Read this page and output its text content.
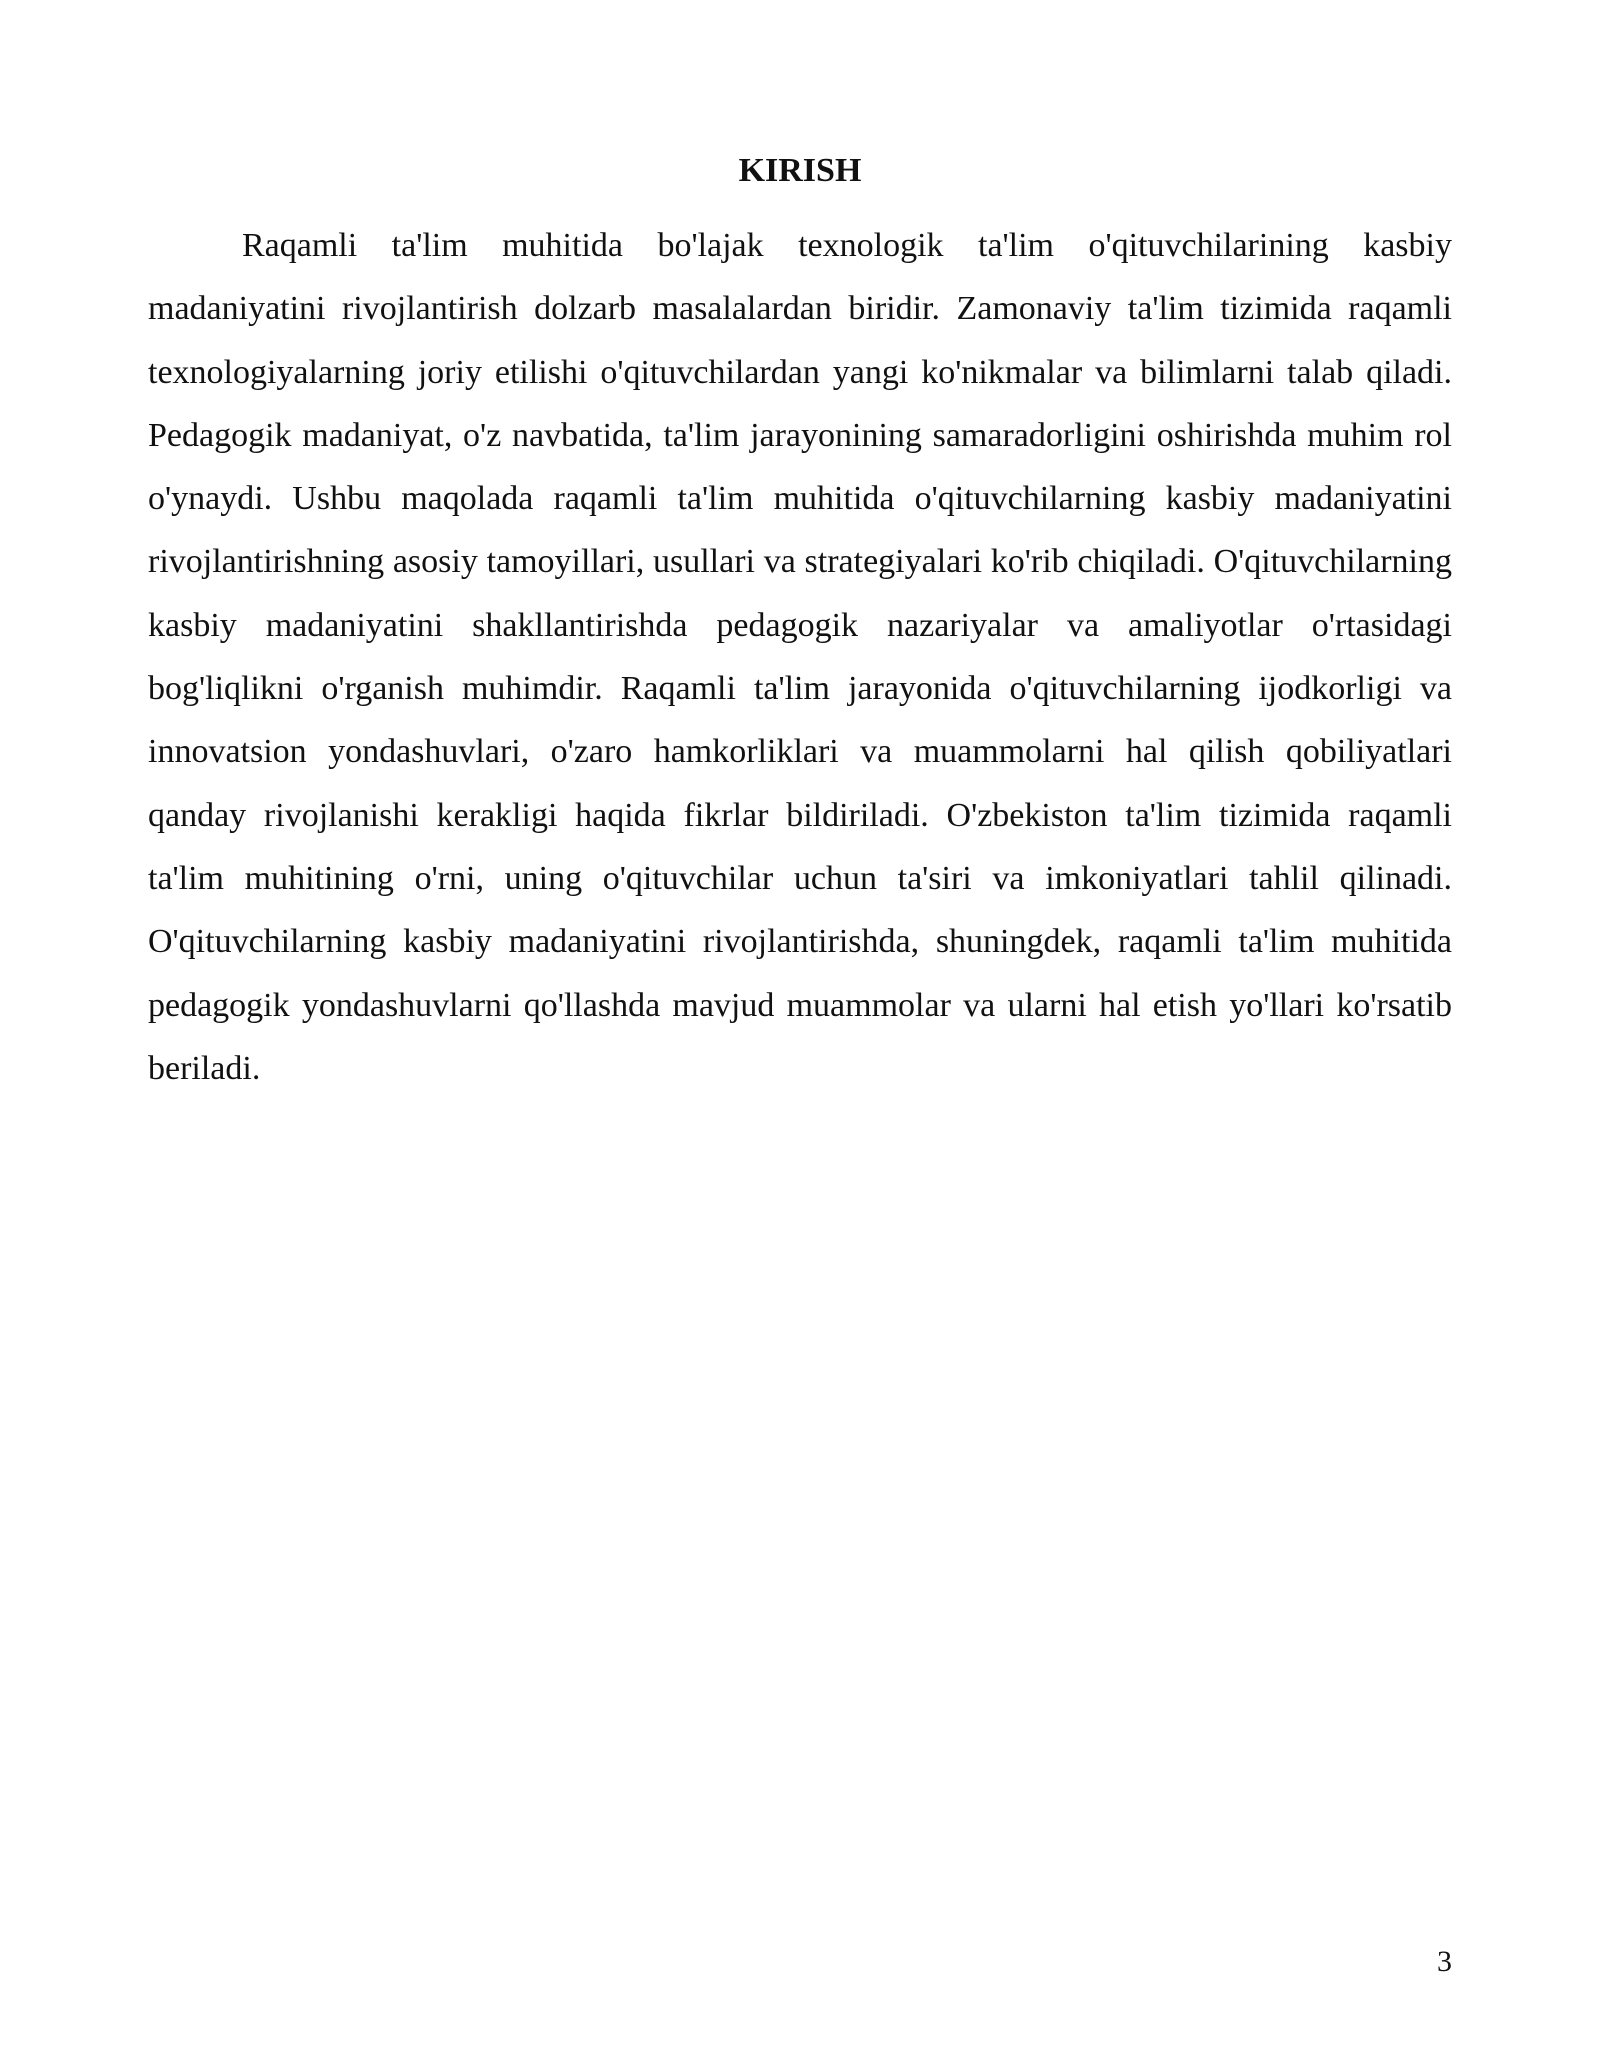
KIRISH

Raqamli ta'lim muhitida bo'lajak texnologik ta'lim o'qituvchilarining kasbiy madaniyatini rivojlantirish dolzarb masalalardan biridir. Zamonaviy ta'lim tizimida raqamli texnologiyalarning joriy etilishi o'qituvchilardan yangi ko'nikmalar va bilimlarni talab qiladi. Pedagogik madaniyat, o'z navbatida, ta'lim jarayonining samaradorligini oshirishda muhim rol o'ynaydi. Ushbu maqolada raqamli ta'lim muhitida o'qituvchilarning kasbiy madaniyatini rivojlantirishning asosiy tamoyillari, usullari va strategiyalari ko'rib chiqiladi. O'qituvchilarning kasbiy madaniyatini shakllantirishda pedagogik nazariyalar va amaliyotlar o'rtasidagi bog'liqlikni o'rganish muhimdir. Raqamli ta'lim jarayonida o'qituvchilarning ijodkorligi va innovatsion yondashuvlari, o'zaro hamkorliklari va muammolarni hal qilish qobiliyatlari qanday rivojlanishi kerakligi haqida fikrlar bildiriladi. O'zbekiston ta'lim tizimida raqamli ta'lim muhitining o'rni, uning o'qituvchilar uchun ta'siri va imkoniyatlari tahlil qilinadi. O'qituvchilarning kasbiy madaniyatini rivojlantirishda, shuningdek, raqamli ta'lim muhitida pedagogik yondashuvlarni qo'llashda mavjud muammolar va ularni hal etish yo'llari ko'rsatib beriladi.

3
